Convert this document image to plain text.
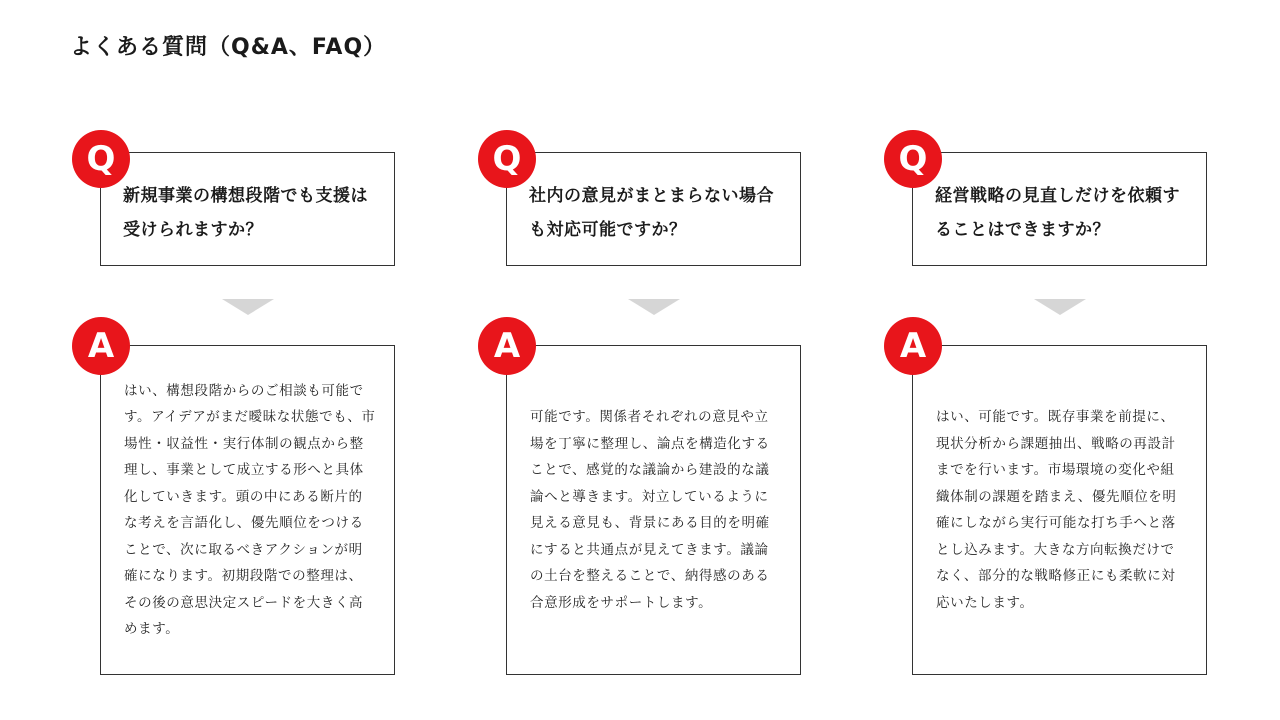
よくある質問（Q&A、FAQ）
新規事業の構想段階でも支援は受けられますか？
Q
はい、構想段階からのご相談も可能です。アイデアがまだ曖昧な状態でも、市場性・収益性・実行体制の観点から整理し、事業として成立する形へと具体化していきます。頭の中にある断片的な考えを言語化し、優先順位をつけることで、次に取るべきアクションが明確になります。初期段階での整理は、その後の意思決定スピードを大きく高めます。
A
社内の意見がまとまらない場合も対応可能ですか？
Q
可能です。関係者それぞれの意見や立場を丁寧に整理し、論点を構造化することで、感覚的な議論から建設的な議論へと導きます。対立しているように見える意見も、背景にある目的を明確にすると共通点が見えてきます。議論の土台を整えることで、納得感のある合意形成をサポートします。
A
経営戦略の見直しだけを依頼することはできますか？
Q
はい、可能です。既存事業を前提に、現状分析から課題抽出、戦略の再設計までを行います。市場環境の変化や組織体制の課題を踏まえ、優先順位を明確にしながら実行可能な打ち手へと落とし込みます。大きな方向転換だけでなく、部分的な戦略修正にも柔軟に対応いたします。
A
